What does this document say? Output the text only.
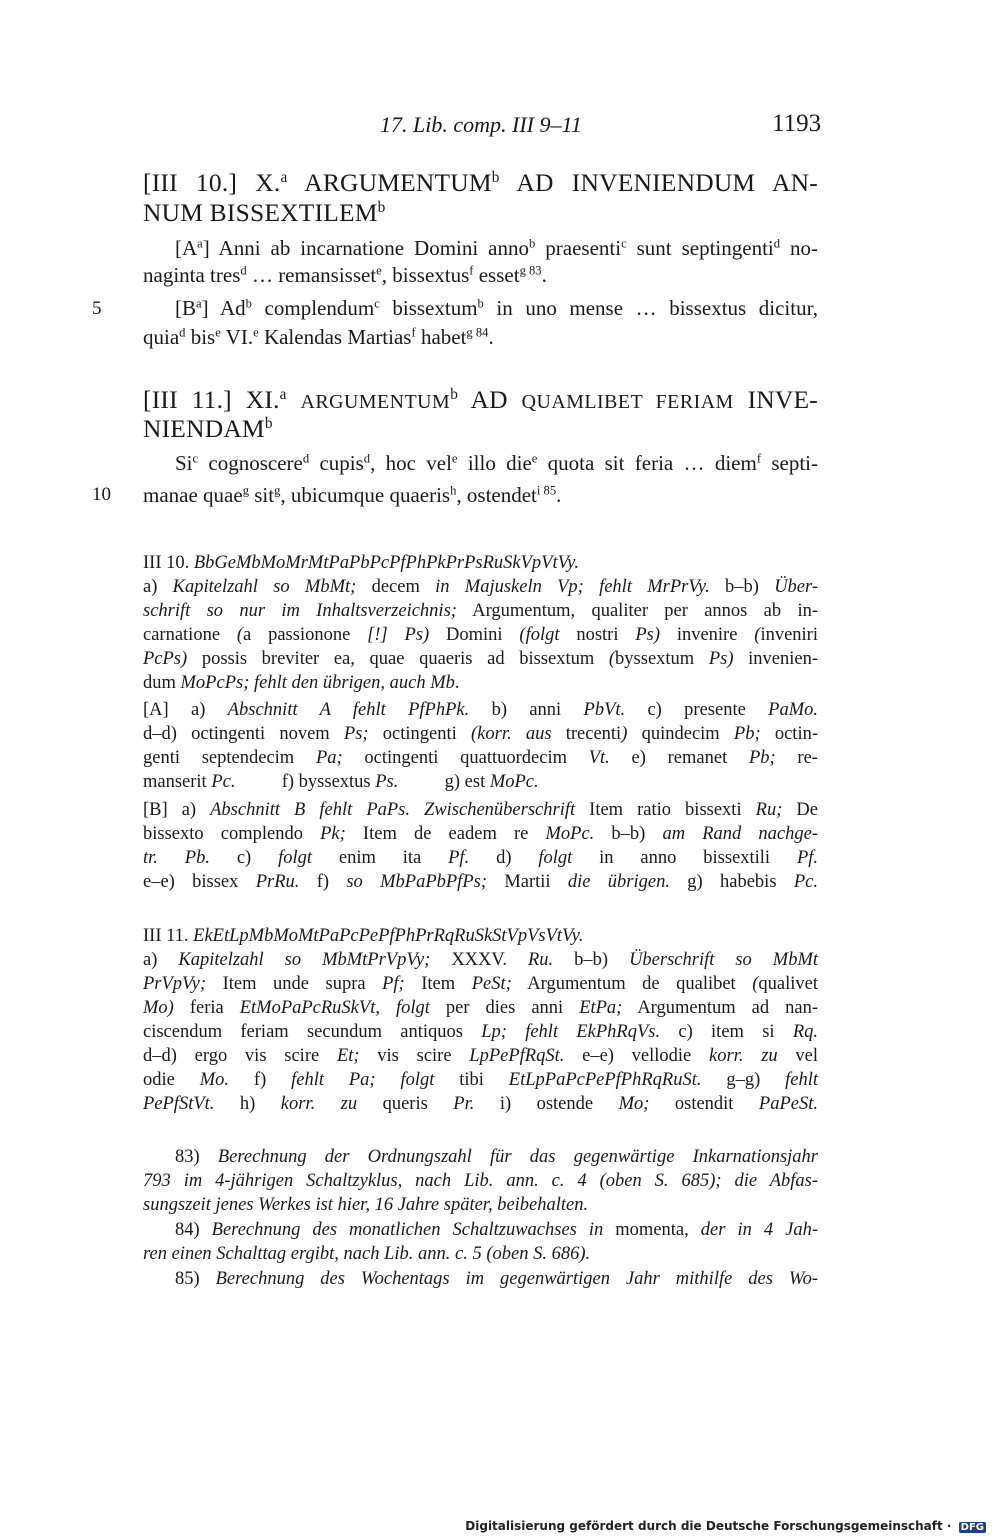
17. Lib. comp. III 9–11	1193

[III 10.] X.$^a$ ARGUMENTUM$^b$ AD INVENIENDUM AN-

NUM BISSEXTILEM$^b$

$[A^a]$ Anni ab incarnatione Domini anno$^b$ praesenti$^c$ sunt septingenti$^d$ no-

naginta tres$^d$ … remansisset$^e$, bissextus$^f$ esset$^{g 83}$.

5	$[B^a]$ Ad$^b$ complendum$^c$ bissextum$^b$ in uno mense … bissextus dicitur,

quia$^d$ bis$^e$ VI.$^e$ Kalendas Martias$^f$ habet$^{g 84}$.

[III 11.] XI.$^a$ ARGUMENTUM$^b$ AD QUAMLIBET FERIAM INVE-

NIENDAM$^b$

Si$^c$ cognoscere$^d$ cupis$^d$, hoc vel$^e$ illo die$^e$ quota sit feria … diem$^f$ septi-

manae quae$^g$ sit$^g$, ubicumque quaeris$^h$, ostendet$^{i 85}$.

10

III 10. BbGeMbMoMrMtPaPbPcPfPhPkPrPsRuSkVpVtVy.

a) Kapitelzahl so MbMt; decem in Majuskeln Vp; fehlt MrPrVy. b–b) Über-

schrift so nur im Inhaltsverzeichnis; Argumentum, qualiter per annos ab in-

carnatione (a passionone [!] Ps) Domini (folgt nostri Ps) invenire (inveniri

PcPs) possis breviter ea, quae quaeris ad bissextum (byssextum Ps) invenien-

dum MoPcPs; fehlt den übrigen, auch Mb.

[A] a) Abschnitt A fehlt PfPhPk. b) anni PbVt. c) presente PaMo.

d–d) octingenti novem Ps; octingenti (korr. aus trecenti) quindecim Pb; octin-

genti septendecim Pa; octingenti quattuordecim Vt. e) remanet Pb; re-

manserit Pc.          f) byssextus Ps.          g) est MoPc.

[B] a) Abschnitt B fehlt PaPs. Zwischenüberschrift Item ratio bissexti Ru; De

bissexto complendo Pk; Item de eadem re MoPc. b–b) am Rand nachge-

tr. Pb. c) folgt enim ita Pf. d) folgt in anno bissextili Pf.

e–e) bissex PrRu. f) so MbPaPbPfPs; Martii die übrigen. g) habebis Pc.

III 11. EkEtLpMbMoMtPaPcPePfPhPrRqRuSkStVpVsVtVy.

a) Kapitelzahl so MbMtPrVpVy; XXXV. Ru. b–b) Überschrift so MbMt

PrVpVy; Item unde supra Pf; Item PeSt; Argumentum de qualibet (qualivet

Mo) feria EtMoPaPcRuSkVt, folgt per dies anni EtPa; Argumentum ad nan-

ciscendum feriam secundum antiquos Lp; fehlt EkPhRqVs. c) item si Rq.

d–d) ergo vis scire Et; vis scire LpPePfRqSt. e–e) vellodie korr. zu vel

odie Mo. f) fehlt Pa; folgt tibi EtLpPaPcPePfPhRqRuSt. g–g) fehlt

PePfStVt. h) korr. zu queris Pr. i) ostende Mo; ostendit PaPeSt.

83) Berechnung der Ordnungszahl für das gegenwärtige Inkarnationsjahr

793 im 4-jährigen Schaltzyklus, nach Lib. ann. c. 4 (oben S. 685); die Abfas-

sungszeit jenes Werkes ist hier, 16 Jahre später, beibehalten.

84) Berechnung des monatlichen Schaltzuwachses in momenta, der in 4 Jah-

ren einen Schalttag ergibt, nach Lib. ann. c. 5 (oben S. 686).

85) Berechnung des Wochentags im gegenwärtigen Jahr mithilfe des Wo-

Digitalisierung gefördert durch die Deutsche Forschungsgemeinschaft · DFG
